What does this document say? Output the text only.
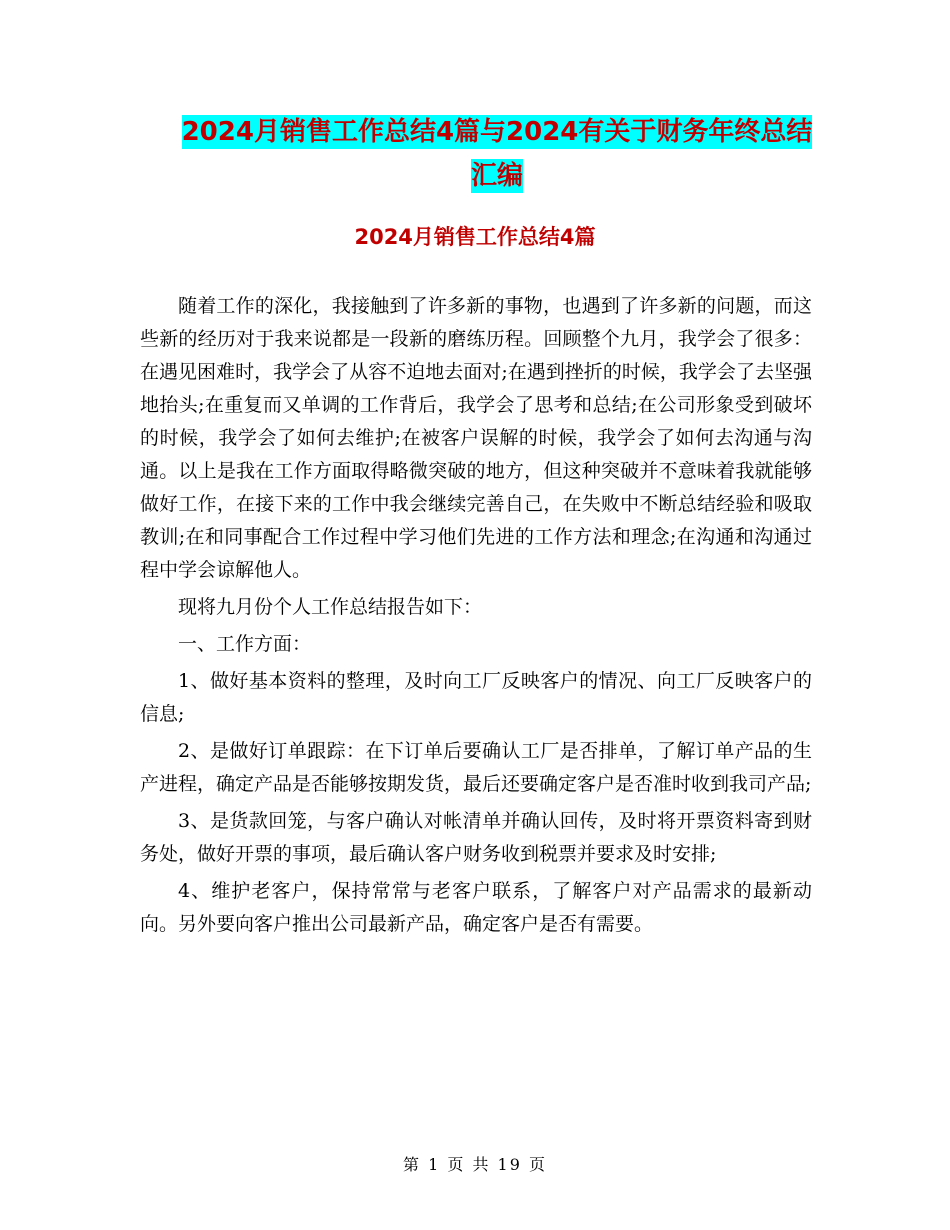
2024月销售工作总结4篇与2024有关于财务年终总结
汇编
2024月销售工作总结4篇

随着工作的深化，我接触到了许多新的事物，也遇到了许多新的问题，而这些新的经历对于我来说都是一段新的磨练历程。回顾整个九月，我学会了很多：在遇见困难时，我学会了从容不迫地去面对;在遇到挫折的时候，我学会了去坚强地抬头;在重复而又单调的工作背后，我学会了思考和总结;在公司形象受到破坏的时候，我学会了如何去维护;在被客户误解的时候，我学会了如何去沟通与沟通。以上是我在工作方面取得略微突破的地方，但这种突破并不意味着我就能够做好工作，在接下来的工作中我会继续完善自己，在失败中不断总结经验和吸取教训;在和同事配合工作过程中学习他们先进的工作方法和理念;在沟通和沟通过程中学会谅解他人。

现将九月份个人工作总结报告如下：

一、工作方面：

1、做好基本资料的整理，及时向工厂反映客户的情况、向工厂反映客户的信息;

2、是做好订单跟踪：在下订单后要确认工厂是否排单，了解订单产品的生产进程，确定产品是否能够按期发货，最后还要确定客户是否准时收到我司产品;

3、是货款回笼，与客户确认对帐清单并确认回传，及时将开票资料寄到财务处，做好开票的事项，最后确认客户财务收到税票并要求及时安排;

4、维护老客户，保持常常与老客户联系，了解客户对产品需求的最新动向。另外要向客户推出公司最新产品，确定客户是否有需要。

第 1 页 共 19 页
